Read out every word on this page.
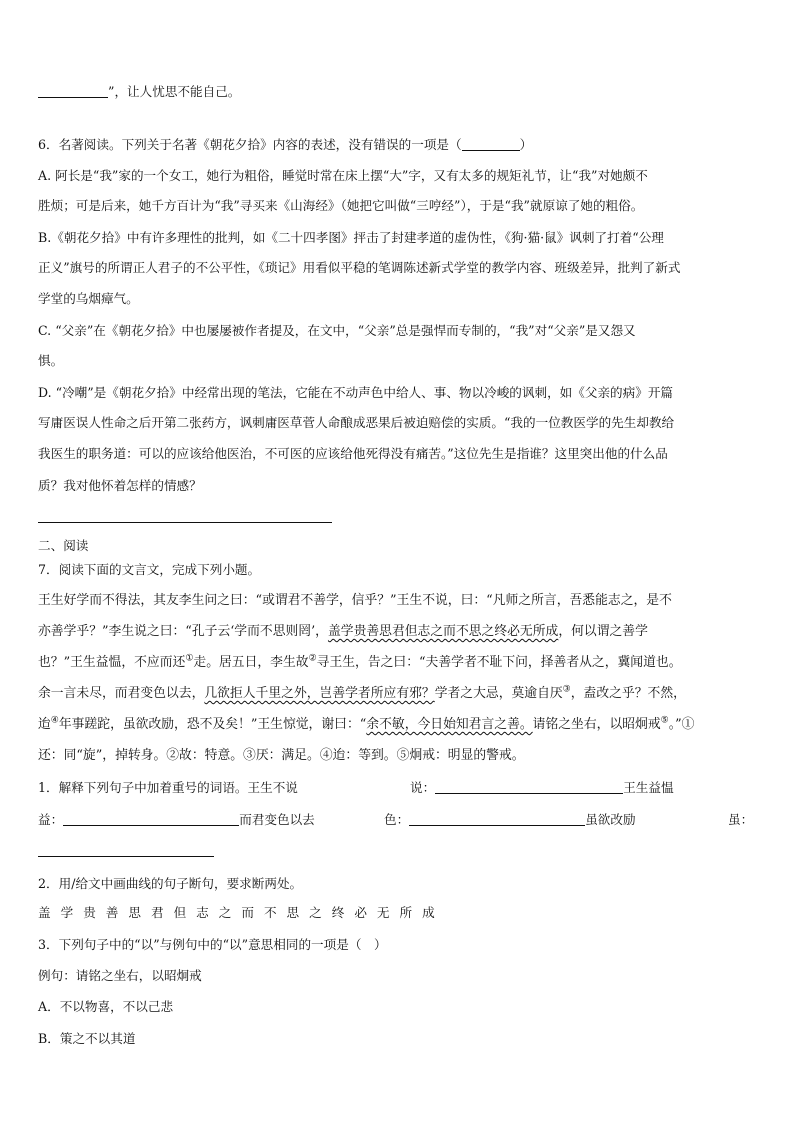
”，让人忧思不能自己。
6．名著阅读。下列关于名著《朝花夕拾》内容的表述，没有错误的一项是（	）
A. 阿长是“我”家的一个女工，她行为粗俗，睡觉时常在床上摆“大”字，又有太多的规矩礼节，让“我”对她颇不
胜烦；可是后来，她千方百计为“我”寻买来《山海经》（她把它叫做“三哼经”），于是“我”就原谅了她的粗俗。
B.《朝花夕拾》中有许多理性的批判，如《二十四孝图》抨击了封建孝道的虚伪性，《狗·猫·鼠》讽刺了打着“公理
正义”旗号的所谓正人君子的不公平性，《琐记》用看似平稳的笔调陈述新式学堂的教学内容、班级差异，批判了新式
学堂的乌烟瘴气。
C. “父亲”在《朝花夕拾》中也屡屡被作者提及，在文中，“父亲”总是强悍而专制的，“我”对“父亲”是又怨又
惧。
D. “冷嘲”是《朝花夕拾》中经常出现的笔法，它能在不动声色中给人、事、物以冷峻的讽刺，如《父亲的病》开篇
写庸医误人性命之后开第二张药方，讽刺庸医草菅人命酿成恶果后被迫赔偿的实质。“我的一位教医学的先生却教给
我医生的职务道：可以的应该给他医治，不可医的应该给他死得没有痛苦。”这位先生是指谁？这里突出他的什么品
质？我对他怀着怎样的情感？
二、阅读
7．阅读下面的文言文，完成下列小题。
王生好学而不得法，其友李生问之曰：“或谓君不善学，信乎？”王生不说，曰：“凡师之所言，吾悉能志之，是不
亦善学乎？”李生说之曰：“孔子云‘学而不思则罔’，盖学贵善思君但志之而不思之终必无所成，何以谓之善学
也？”王生益愠，不应而还①走。居五日，李生故②寻王生，告之曰：“夫善学者不耻下问，择善者从之，冀闻道也。
余一言未尽，而君变色以去，几欲拒人千里之外，岂善学者所应有邪？学者之大忌，莫逾自厌③，盍改之乎？不然，
迨④年事蹉跎，虽欲改励，恐不及矣！”王生惊觉，谢曰：“余不敏，今日始知君言之善。请铭之坐右，以昭炯戒⑤。”①
还：同“旋”，掉转身。②故：特意。③厌：满足。④迨：等到。⑤炯戒：明显的警戒。
1．解释下列句子中加着重号的词语。王生不说	说：	王生益愠
益：	而君变色以去	色：	虽欲改励	虽：
2．用/给文中画曲线的句子断句，要求断两处。
盖学贵善思君但志之而不思之终必无所成
3．下列句子中的“以”与例句中的“以”意思相同的一项是（　）
例句：请铭之坐右，以昭炯戒
A．不以物喜，不以己悲
B．策之不以其道
